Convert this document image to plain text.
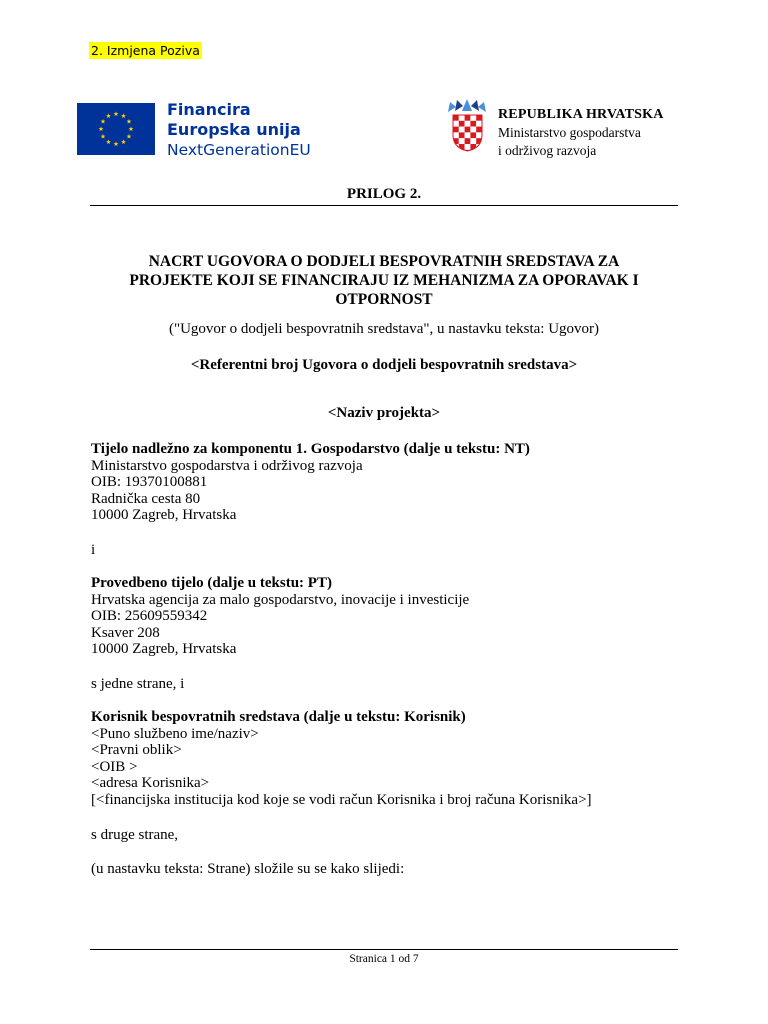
2. Izmjena Poziva
Financira
Europska unija
NextGenerationEU
REPUBLIKA HRVATSKA
Ministarstvo gospodarstva
i održivog razvoja
PRILOG 2.
NACRT UGOVORA O DODJELI BESPOVRATNIH SREDSTAVA ZA
PROJEKTE KOJI SE FINANCIRAJU IZ MEHANIZMA ZA OPORAVAK I
OTPORNOST
("Ugovor o dodjeli bespovratnih sredstava", u nastavku teksta: Ugovor)
<Referentni broj Ugovora o dodjeli bespovratnih sredstava>
<Naziv projekta>
Tijelo nadležno za komponentu 1. Gospodarstvo (dalje u tekstu: NT)
Ministarstvo gospodarstva i održivog razvoja
OIB: 19370100881
Radnička cesta 80
10000 Zagreb, Hrvatska
i
Provedbeno tijelo (dalje u tekstu: PT)
Hrvatska agencija za malo gospodarstvo, inovacije i investicije
OIB: 25609559342
Ksaver 208
10000 Zagreb, Hrvatska
s jedne strane, i
Korisnik bespovratnih sredstava (dalje u tekstu: Korisnik)
<Puno službeno ime/naziv>
<Pravni oblik>
<OIB >
<adresa Korisnika>
[<financijska institucija kod koje se vodi račun Korisnika i broj računa Korisnika>]
s druge strane,
(u nastavku teksta: Strane) složile su se kako slijedi:
Stranica 1 od 7
